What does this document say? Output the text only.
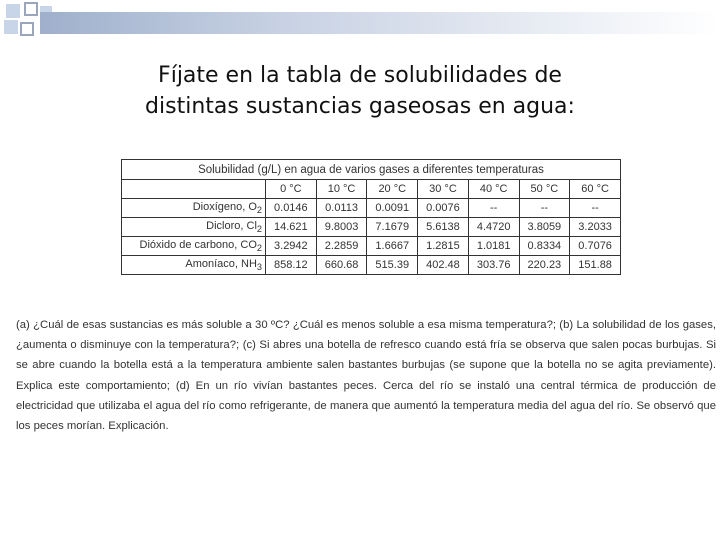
Fíjate en la tabla de solubilidades de
distintas sustancias gaseosas en agua:
Solubilidad (g/L) en agua de varios gases a diferentes temperaturas							
	0 °C	10 °C	20 °C	30 °C	40 °C	50 °C	60 °C
Dioxígeno, $O_2$	0.0146	0.0113	0.0091	0.0076	--	--	--
Dicloro, $Cl_2$	14.621	9.8003	7.1679	5.6138	4.4720	3.8059	3.2033
Dióxido de carbono, $CO_2$	3.2942	2.2859	1.6667	1.2815	1.0181	0.8334	0.7076
Amoníaco, $NH_3$	858.12	660.68	515.39	402.48	303.76	220.23	151.88

(a) ¿Cuál de esas sustancias es más soluble a 30 ºC? ¿Cuál es menos soluble a esa misma temperatura?; (b) La solubilidad de los gases, ¿aumenta o disminuye con la temperatura?; (c) Si abres una botella de refresco cuando está fría se observa que salen pocas burbujas. Si se abre cuando la botella está a la temperatura ambiente salen bastantes burbujas (se supone que la botella no se agita previamente). Explica este comportamiento; (d) En un río vivían bastantes peces. Cerca del río se instaló una central térmica de producción de electricidad que utilizaba el agua del río como refrigerante, de manera que aumentó la temperatura media del agua del río. Se observó que los peces morían. Explicación.
